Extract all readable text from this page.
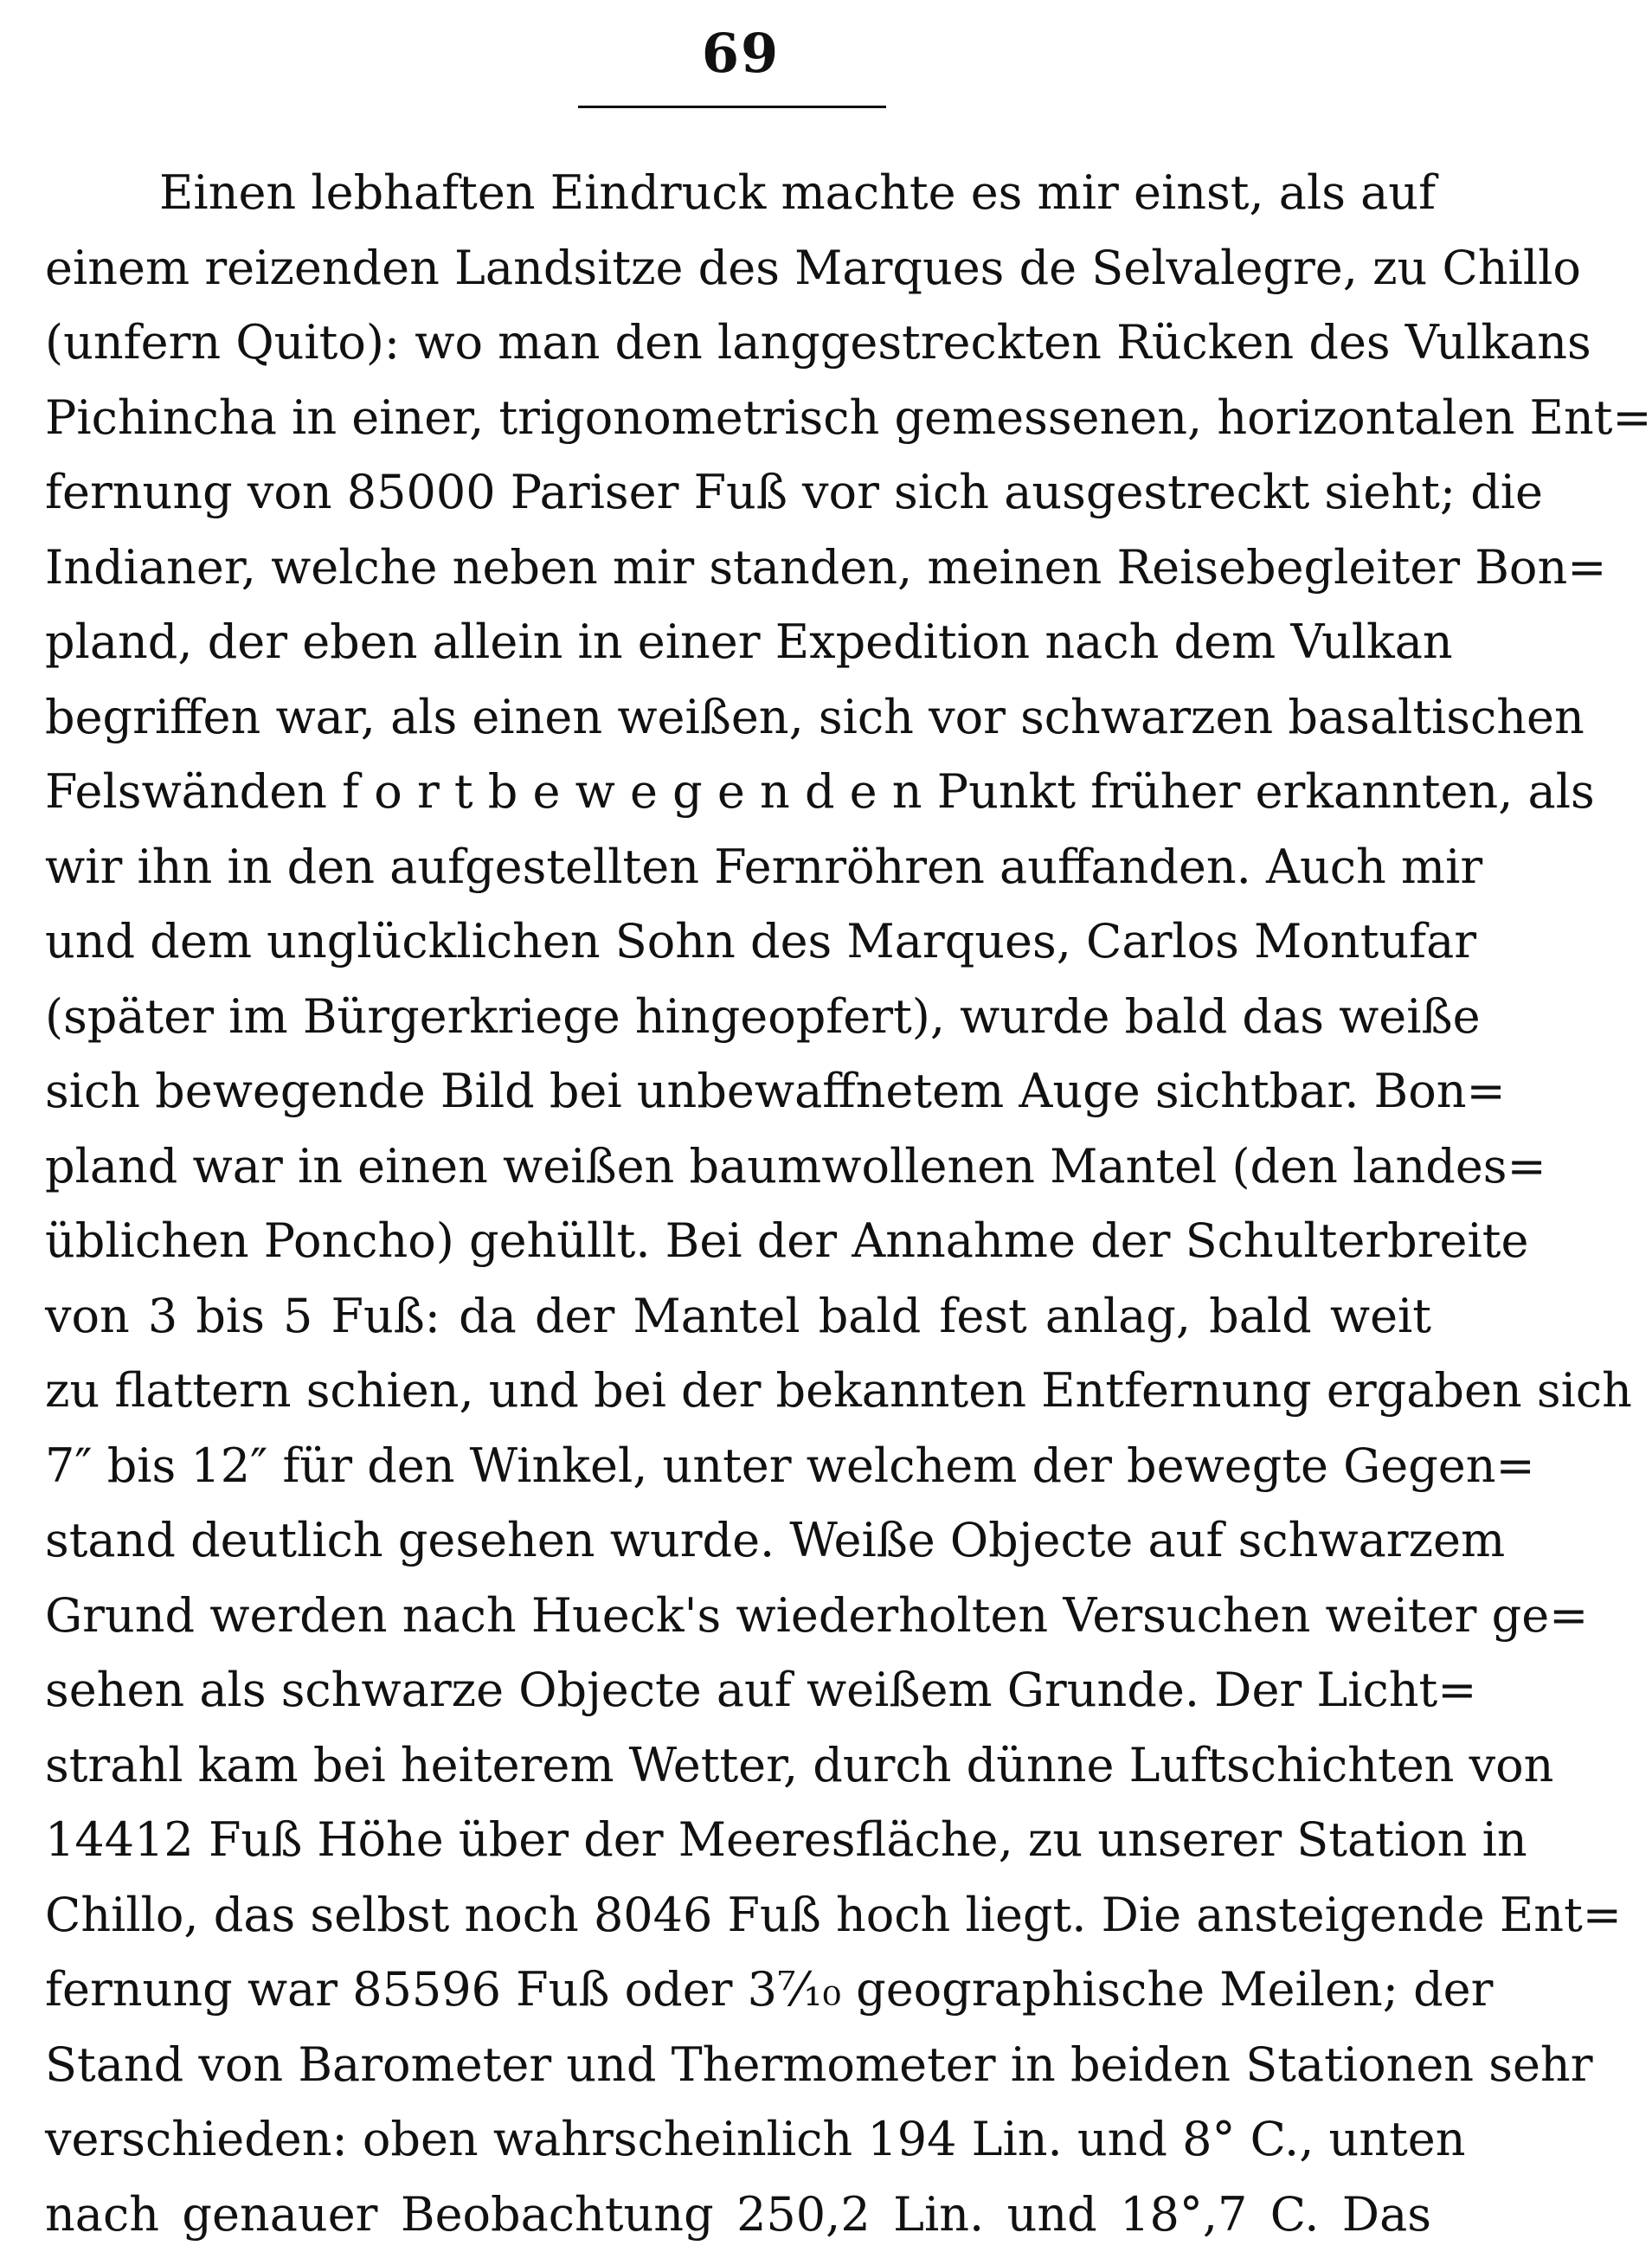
69
Einen lebhaften Eindruck machte es mir einst, als auf
einem reizenden Landsitze des Marques de Selvalegre, zu Chillo
(unfern Quito): wo man den langgestreckten Rücken des Vulkans
Pichincha in einer, trigonometrisch gemessenen, horizontalen Ent=
fernung von 85000 Pariser Fuß vor sich ausgestreckt sieht; die
Indianer, welche neben mir standen, meinen Reisebegleiter Bon=
pland, der eben allein in einer Expedition nach dem Vulkan
begriffen war, als einen weißen, sich vor schwarzen basaltischen
Felswänden f o r t b e w e g e n d e n Punkt früher erkannten, als
wir ihn in den aufgestellten Fernröhren auffanden. Auch mir
und dem unglücklichen Sohn des Marques, Carlos Montufar
(später im Bürgerkriege hingeopfert), wurde bald das weiße
sich bewegende Bild bei unbewaffnetem Auge sichtbar. Bon=
pland war in einen weißen baumwollenen Mantel (den landes=
üblichen Poncho) gehüllt. Bei der Annahme der Schulterbreite
von 3 bis 5 Fuß: da der Mantel bald fest anlag, bald weit
zu flattern schien, und bei der bekannten Entfernung ergaben sich
7″ bis 12″ für den Winkel, unter welchem der bewegte Gegen=
stand deutlich gesehen wurde. Weiße Objecte auf schwarzem
Grund werden nach Hueck's wiederholten Versuchen weiter ge=
sehen als schwarze Objecte auf weißem Grunde. Der Licht=
strahl kam bei heiterem Wetter, durch dünne Luftschichten von
14412 Fuß Höhe über der Meeresfläche, zu unserer Station in
Chillo, das selbst noch 8046 Fuß hoch liegt. Die ansteigende Ent=
fernung war 85596 Fuß oder 3⁷⁄₁₀ geographische Meilen; der
Stand von Barometer und Thermometer in beiden Stationen sehr
verschieden: oben wahrscheinlich 194 Lin. und 8° C., unten
nach genauer Beobachtung 250,2 Lin. und 18°,7 C. Das
